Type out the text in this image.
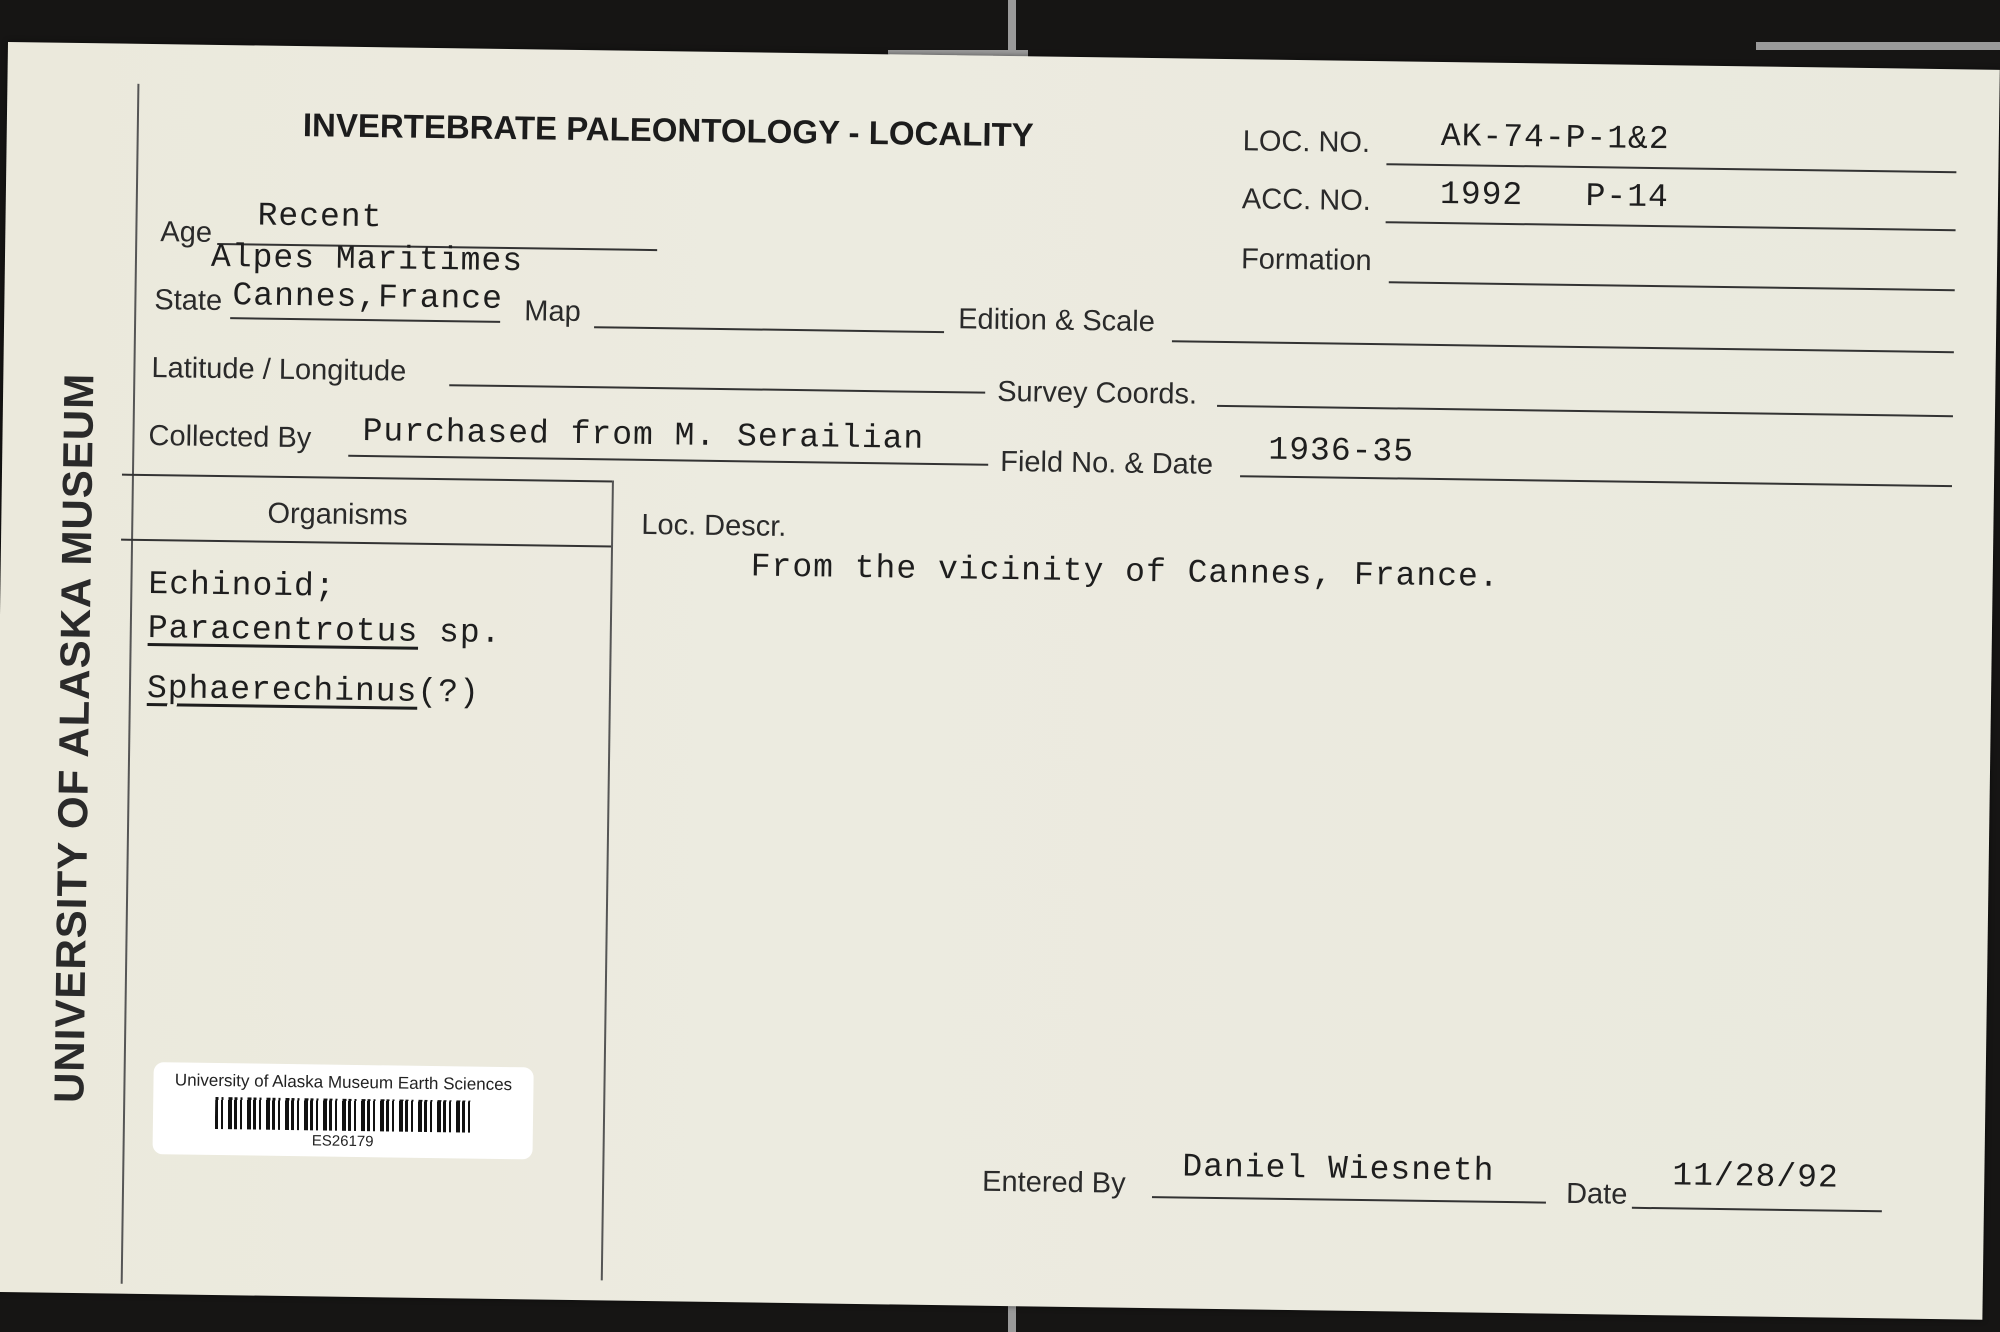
UNIVERSITY OF ALASKA MUSEUM
INVERTEBRATE PALEONTOLOGY - LOCALITY	LOC. NO. AK-74-P-1&2
ACC. NO. 1992   P-14
Formation
Age Recent
Alpes Maritimes
State Cannes,France Map	Edition & Scale
Latitude / Longitude
Survey Coords.
Collected By Purchased from M. Serailian
Field No. & Date 1936-35
Organisms
Echinoid;
Paracentrotus sp.
Sphaerechinus(?)
Loc. Descr.
From the vicinity of Cannes, France.
Entered By Daniel Wiesneth
Date 11/28/92
University of Alaska Museum Earth Sciences
ES26179
